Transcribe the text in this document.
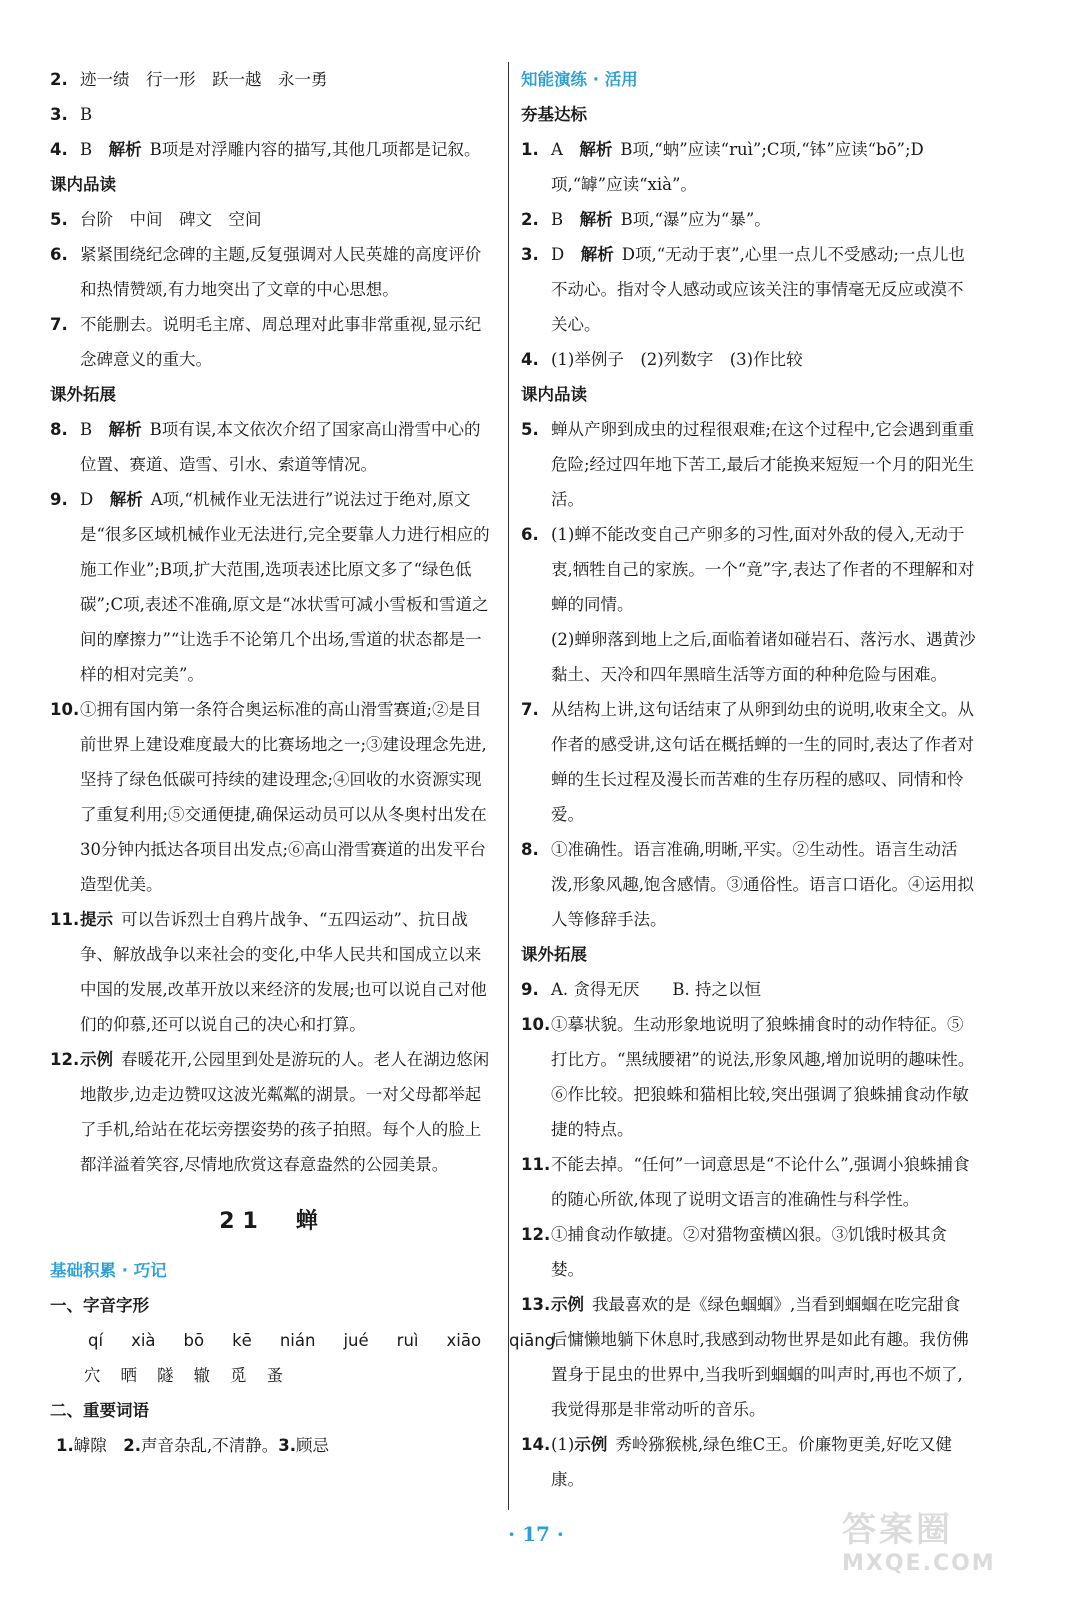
2. 迹一绩　行一形　跃一越　永一勇

3. B

4. B　 解析 B项是对浮雕内容的描写,其他几项都是记叙。

课内品读

5. 台阶　中间　碑文　空间

6. 紧紧围绕纪念碑的主题,反复强调对人民英雄的高度评价和热情赞颂,有力地突出了文章的中心思想。

7. 不能删去。说明毛主席、周总理对此事非常重视,显示纪念碑意义的重大。

课外拓展

8. B　 解析 B项有误,本文依次介绍了国家高山滑雪中心的位置、赛道、造雪、引水、索道等情况。

9. D　 解析 A项,“机械作业无法进行”说法过于绝对,原文是“很多区域机械作业无法进行,完全要靠人力进行相应的施工作业”;B项,扩大范围,选项表述比原文多了“绿色低碳”;C项,表述不准确,原文是“冰状雪可减小雪板和雪道之间的摩擦力”“让选手不论第几个出场,雪道的状态都是一样的相对完美”。

10. ①拥有国内第一条符合奥运标准的高山滑雪赛道;②是目前世界上建设难度最大的比赛场地之一;③建设理念先进,坚持了绿色低碳可持续的建设理念;④回收的水资源实现了重复利用;⑤交通便捷,确保运动员可以从冬奥村出发在30分钟内抵达各项目出发点;⑥高山滑雪赛道的出发平台造型优美。

11. 提示 可以告诉烈士自鸦片战争、“五四运动”、抗日战争、解放战争以来社会的变化,中华人民共和国成立以来中国的发展,改革开放以来经济的发展;也可以说自己对他们的仰慕,还可以说自己的决心和打算。

12. 示例 春暖花开,公园里到处是游玩的人。老人在湖边悠闲地散步,边走边赞叹这波光粼粼的湖景。一对父母都举起了手机,给站在花坛旁摆姿势的孩子拍照。每个人的脸上都洋溢着笑容,尽情地欣赏这春意盎然的公园美景。

21　蝉

基础积累 · 巧记

一、字音字形

qí xià bō kē nián jué ruì xiāo qiāng
穴 晒 隧 辙 觅 蚤

二、重要词语

1.罅隙　 2.声音杂乱,不清静。3.顾忌

知能演练 · 活用

夯基达标

1. A　 解析 B项,“蚋”应读“ruì”;C项,“钵”应读“bō”;D项,“罅”应读“xià”。

2. B　 解析 B项,“瀑”应为“暴”。

3. D　 解析 D项,“无动于衷”,心里一点儿不受感动;一点儿也不动心。指对令人感动或应该关注的事情毫无反应或漠不关心。

4. (1)举例子　(2)列数字　(3)作比较

课内品读

5. 蝉从产卵到成虫的过程很艰难;在这个过程中,它会遇到重重危险;经过四年地下苦工,最后才能换来短短一个月的阳光生活。

6. (1)蝉不能改变自己产卵多的习性,面对外敌的侵入,无动于衷,牺牲自己的家族。一个“竟”字,表达了作者的不理解和对蝉的同情。

(2)蝉卵落到地上之后,面临着诸如碰岩石、落污水、遇黄沙黏土、天冷和四年黑暗生活等方面的种种危险与困难。

7. 从结构上讲,这句话结束了从卵到幼虫的说明,收束全文。从作者的感受讲,这句话在概括蝉的一生的同时,表达了作者对蝉的生长过程及漫长而苦难的生存历程的感叹、同情和怜爱。

8. ①准确性。语言准确,明晰,平实。②生动性。语言生动活泼,形象风趣,饱含感情。③通俗性。语言口语化。④运用拟人等修辞手法。

课外拓展

9. A. 贪得无厌　　B. 持之以恒

10. ①摹状貌。生动形象地说明了狼蛛捕食时的动作特征。⑤打比方。“黑绒腰裙”的说法,形象风趣,增加说明的趣味性。⑥作比较。把狼蛛和猫相比较,突出强调了狼蛛捕食动作敏捷的特点。

11. 不能去掉。“任何”一词意思是“不论什么”,强调小狼蛛捕食的随心所欲,体现了说明文语言的准确性与科学性。

12. ①捕食动作敏捷。②对猎物蛮横凶狠。③饥饿时极其贪婪。

13. 示例 我最喜欢的是《绿色蝈蝈》,当看到蝈蝈在吃完甜食后慵懒地躺下休息时,我感到动物世界是如此有趣。我仿佛置身于昆虫的世界中,当我听到蝈蝈的叫声时,再也不烦了,我觉得那是非常动听的音乐。

14. (1)示例 秀岭猕猴桃,绿色维C王。价廉物更美,好吃又健康。

· 17 ·	答案圈
MXQE.COM
